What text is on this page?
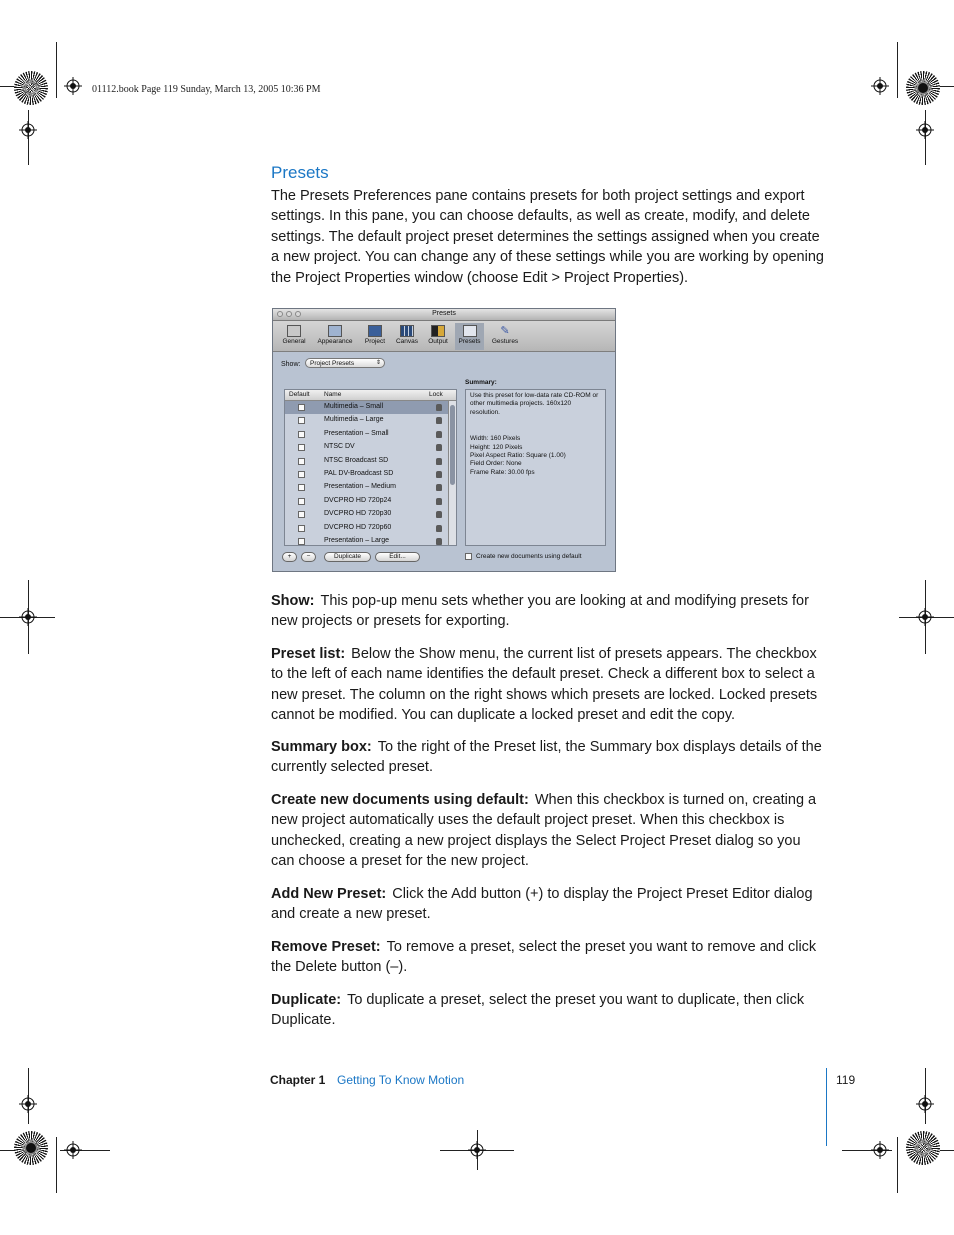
01112.book Page 119 Sunday, March 13, 2005 10:36 PM
Presets

The Presets Preferences pane contains presets for both project settings and export settings. In this pane, you can choose defaults, as well as create, modify, and delete settings. The default project preset determines the settings assigned when you create a new project. You can change any of these settings while you are working by opening the Project Properties window (choose Edit > Project Properties).

Presets
General	Appearance	Project	Canvas	Output	Presets
✎
Gestures
Show:	Project Presets	⇕
Default Name	Lock
Multimedia – Small
Multimedia – Large
Presentation – Small
NTSC DV
NTSC Broadcast SD
PAL DV-Broadcast SD
Presentation – Medium
DVCPRO HD 720p24
DVCPRO HD 720p30
DVCPRO HD 720p60
Presentation – Large
Summary:
Use this preset for low-data rate CD-ROM or other multimedia projects. 160x120 resolution.
Width: 160 Pixels
Height: 120 Pixels
Pixel Aspect Ratio: Square (1.00)
Field Order: None
Frame Rate: 30.00 fps
+	−	Duplicate	Edit...	Create new documents using default

Show: This pop-up menu sets whether you are looking at and modifying presets for new projects or presets for exporting.

Preset list: Below the Show menu, the current list of presets appears. The checkbox to the left of each name identifies the default preset. Check a different box to select a new preset. The column on the right shows which presets are locked. Locked presets cannot be modified. You can duplicate a locked preset and edit the copy.

Summary box: To the right of the Preset list, the Summary box displays details of the currently selected preset.

Create new documents using default: When this checkbox is turned on, creating a new project automatically uses the default project preset. When this checkbox is unchecked, creating a new project displays the Select Project Preset dialog so you can choose a preset for the new project.

Add New Preset: Click the Add button (+) to display the Project Preset Editor dialog and create a new preset.

Remove Preset: To remove a preset, select the preset you want to remove and click the Delete button (–).

Duplicate: To duplicate a preset, select the preset you want to duplicate, then click Duplicate.

Chapter 1 Getting To Know Motion	119
